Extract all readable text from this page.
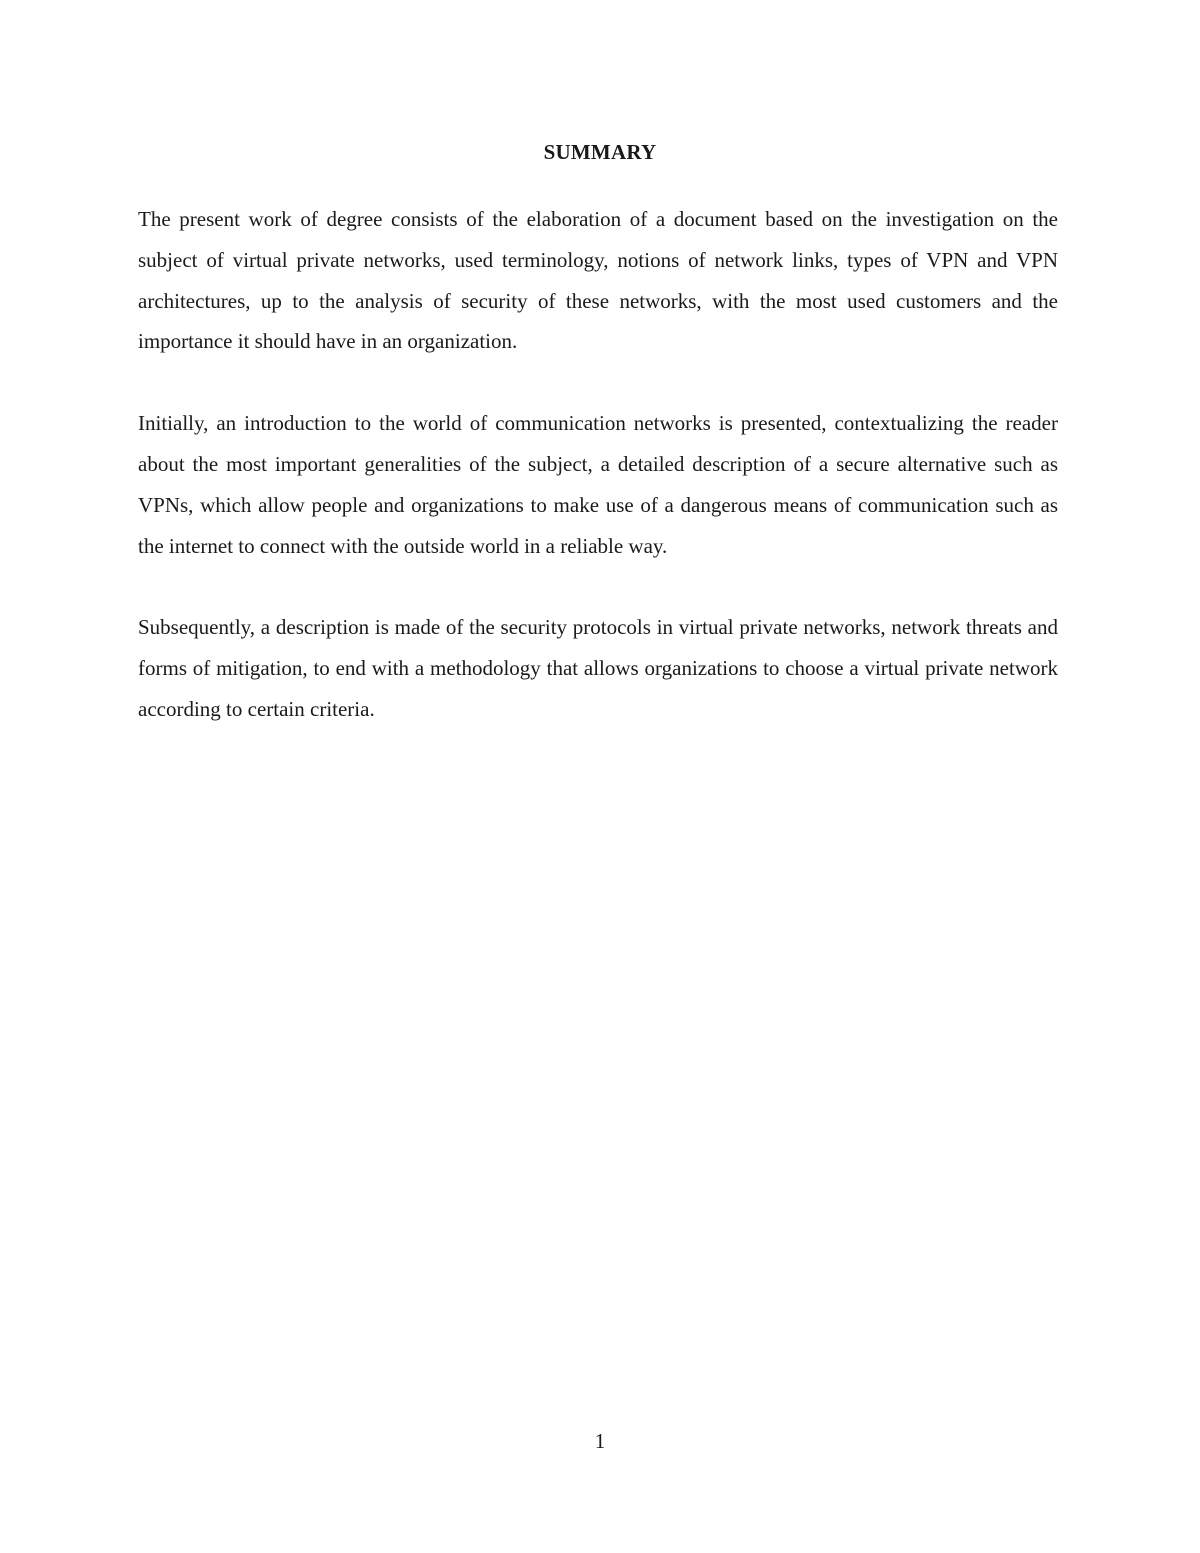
SUMMARY

The present work of degree consists of the elaboration of a document based on the investigation on the subject of virtual private networks, used terminology, notions of network links, types of VPN and VPN architectures, up to the analysis of security of these networks, with the most used customers and the importance it should have in an organization.

Initially, an introduction to the world of communication networks is presented, contextualizing the reader about the most important generalities of the subject, a detailed description of a secure alternative such as VPNs, which allow people and organizations to make use of a dangerous means of communication such as the internet to connect with the outside world in a reliable way.

Subsequently, a description is made of the security protocols in virtual private networks, network threats and forms of mitigation, to end with a methodology that allows organizations to choose a virtual private network according to certain criteria.

1
